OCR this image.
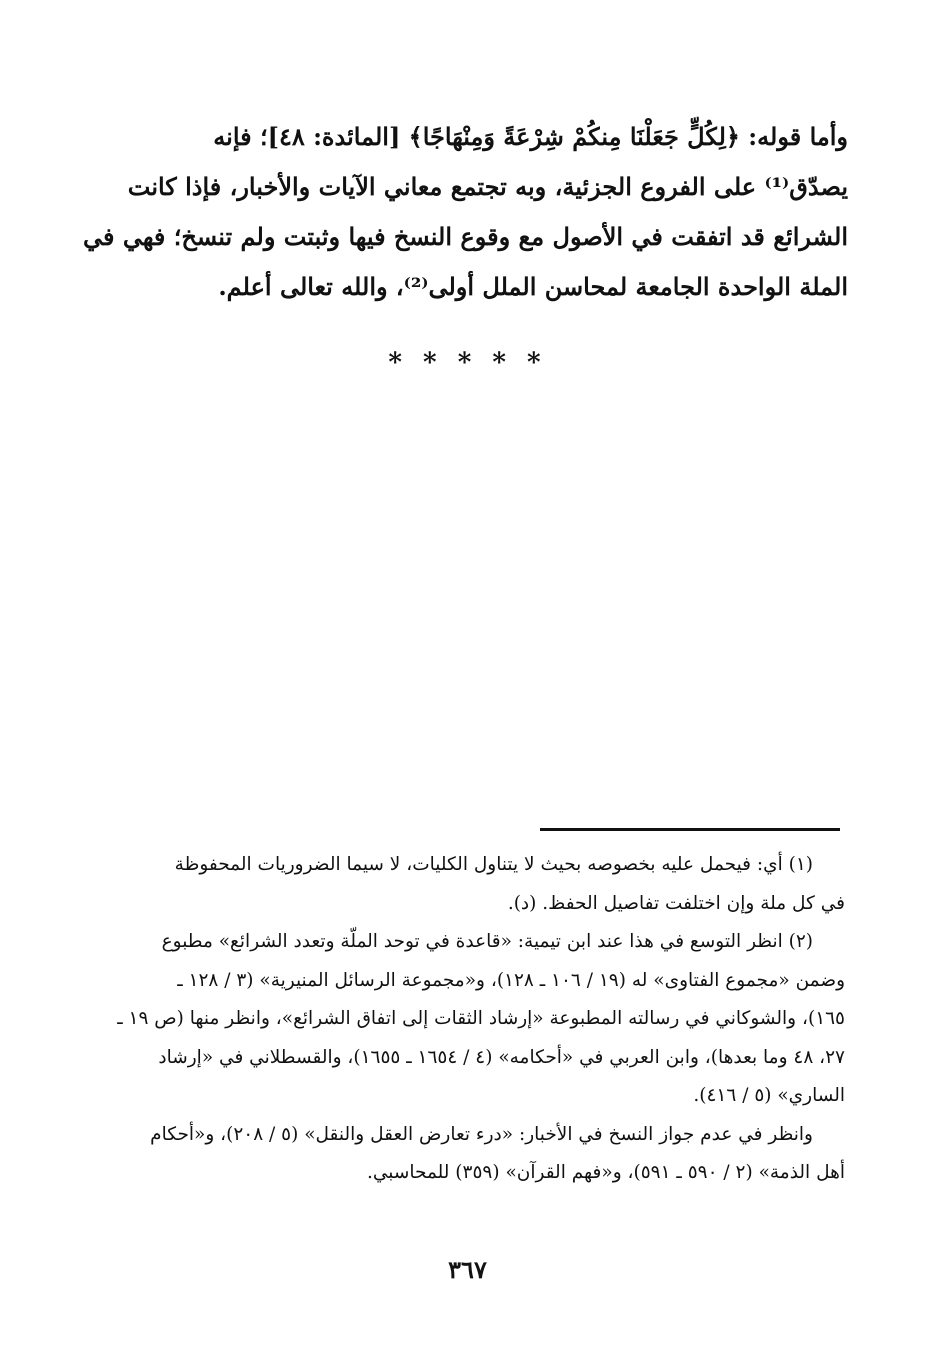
وأما قوله: ﴿لِكُلٍّ جَعَلْنَا مِنكُمْ شِرْعَةً وَمِنْهَاجًا﴾ [المائدة: ٤٨]؛ فإنه
يصدّق⁽¹⁾ على الفروع الجزئية، وبه تجتمع معاني الآيات والأخبار، فإذا كانت
الشرائع قد اتفقت في الأصول مع وقوع النسخ فيها وثبتت ولم تنسخ؛ فهي في
الملة الواحدة الجامعة لمحاسن الملل أولى⁽²⁾، والله تعالى أعلم.
* * * * *
(١) أي: فيحمل عليه بخصوصه بحيث لا يتناول الكليات، لا سيما الضروريات المحفوظة
في كل ملة وإن اختلفت تفاصيل الحفظ. (د).
(٢) انظر التوسع في هذا عند ابن تيمية: «قاعدة في توحد الملّة وتعدد الشرائع» مطبوع
وضمن «مجموع الفتاوى» له (١٩ / ١٠٦ ـ ١٢٨)، و«مجموعة الرسائل المنيرية» (٣ / ١٢٨ ـ
١٦٥)، والشوكاني في رسالته المطبوعة «إرشاد الثقات إلى اتفاق الشرائع»، وانظر منها (ص ١٩ ـ
٢٧، ٤٨ وما بعدها)، وابن العربي في «أحكامه» (٤ / ١٦٥٤ ـ ١٦٥٥)، والقسطلاني في «إرشاد
الساري» (٥ / ٤١٦).
وانظر في عدم جواز النسخ في الأخبار: «درء تعارض العقل والنقل» (٥ / ٢٠٨)، و«أحكام
أهل الذمة» (٢ / ٥٩٠ ـ ٥٩١)، و«فهم القرآن» (٣٥٩) للمحاسبي.
٣٦٧
